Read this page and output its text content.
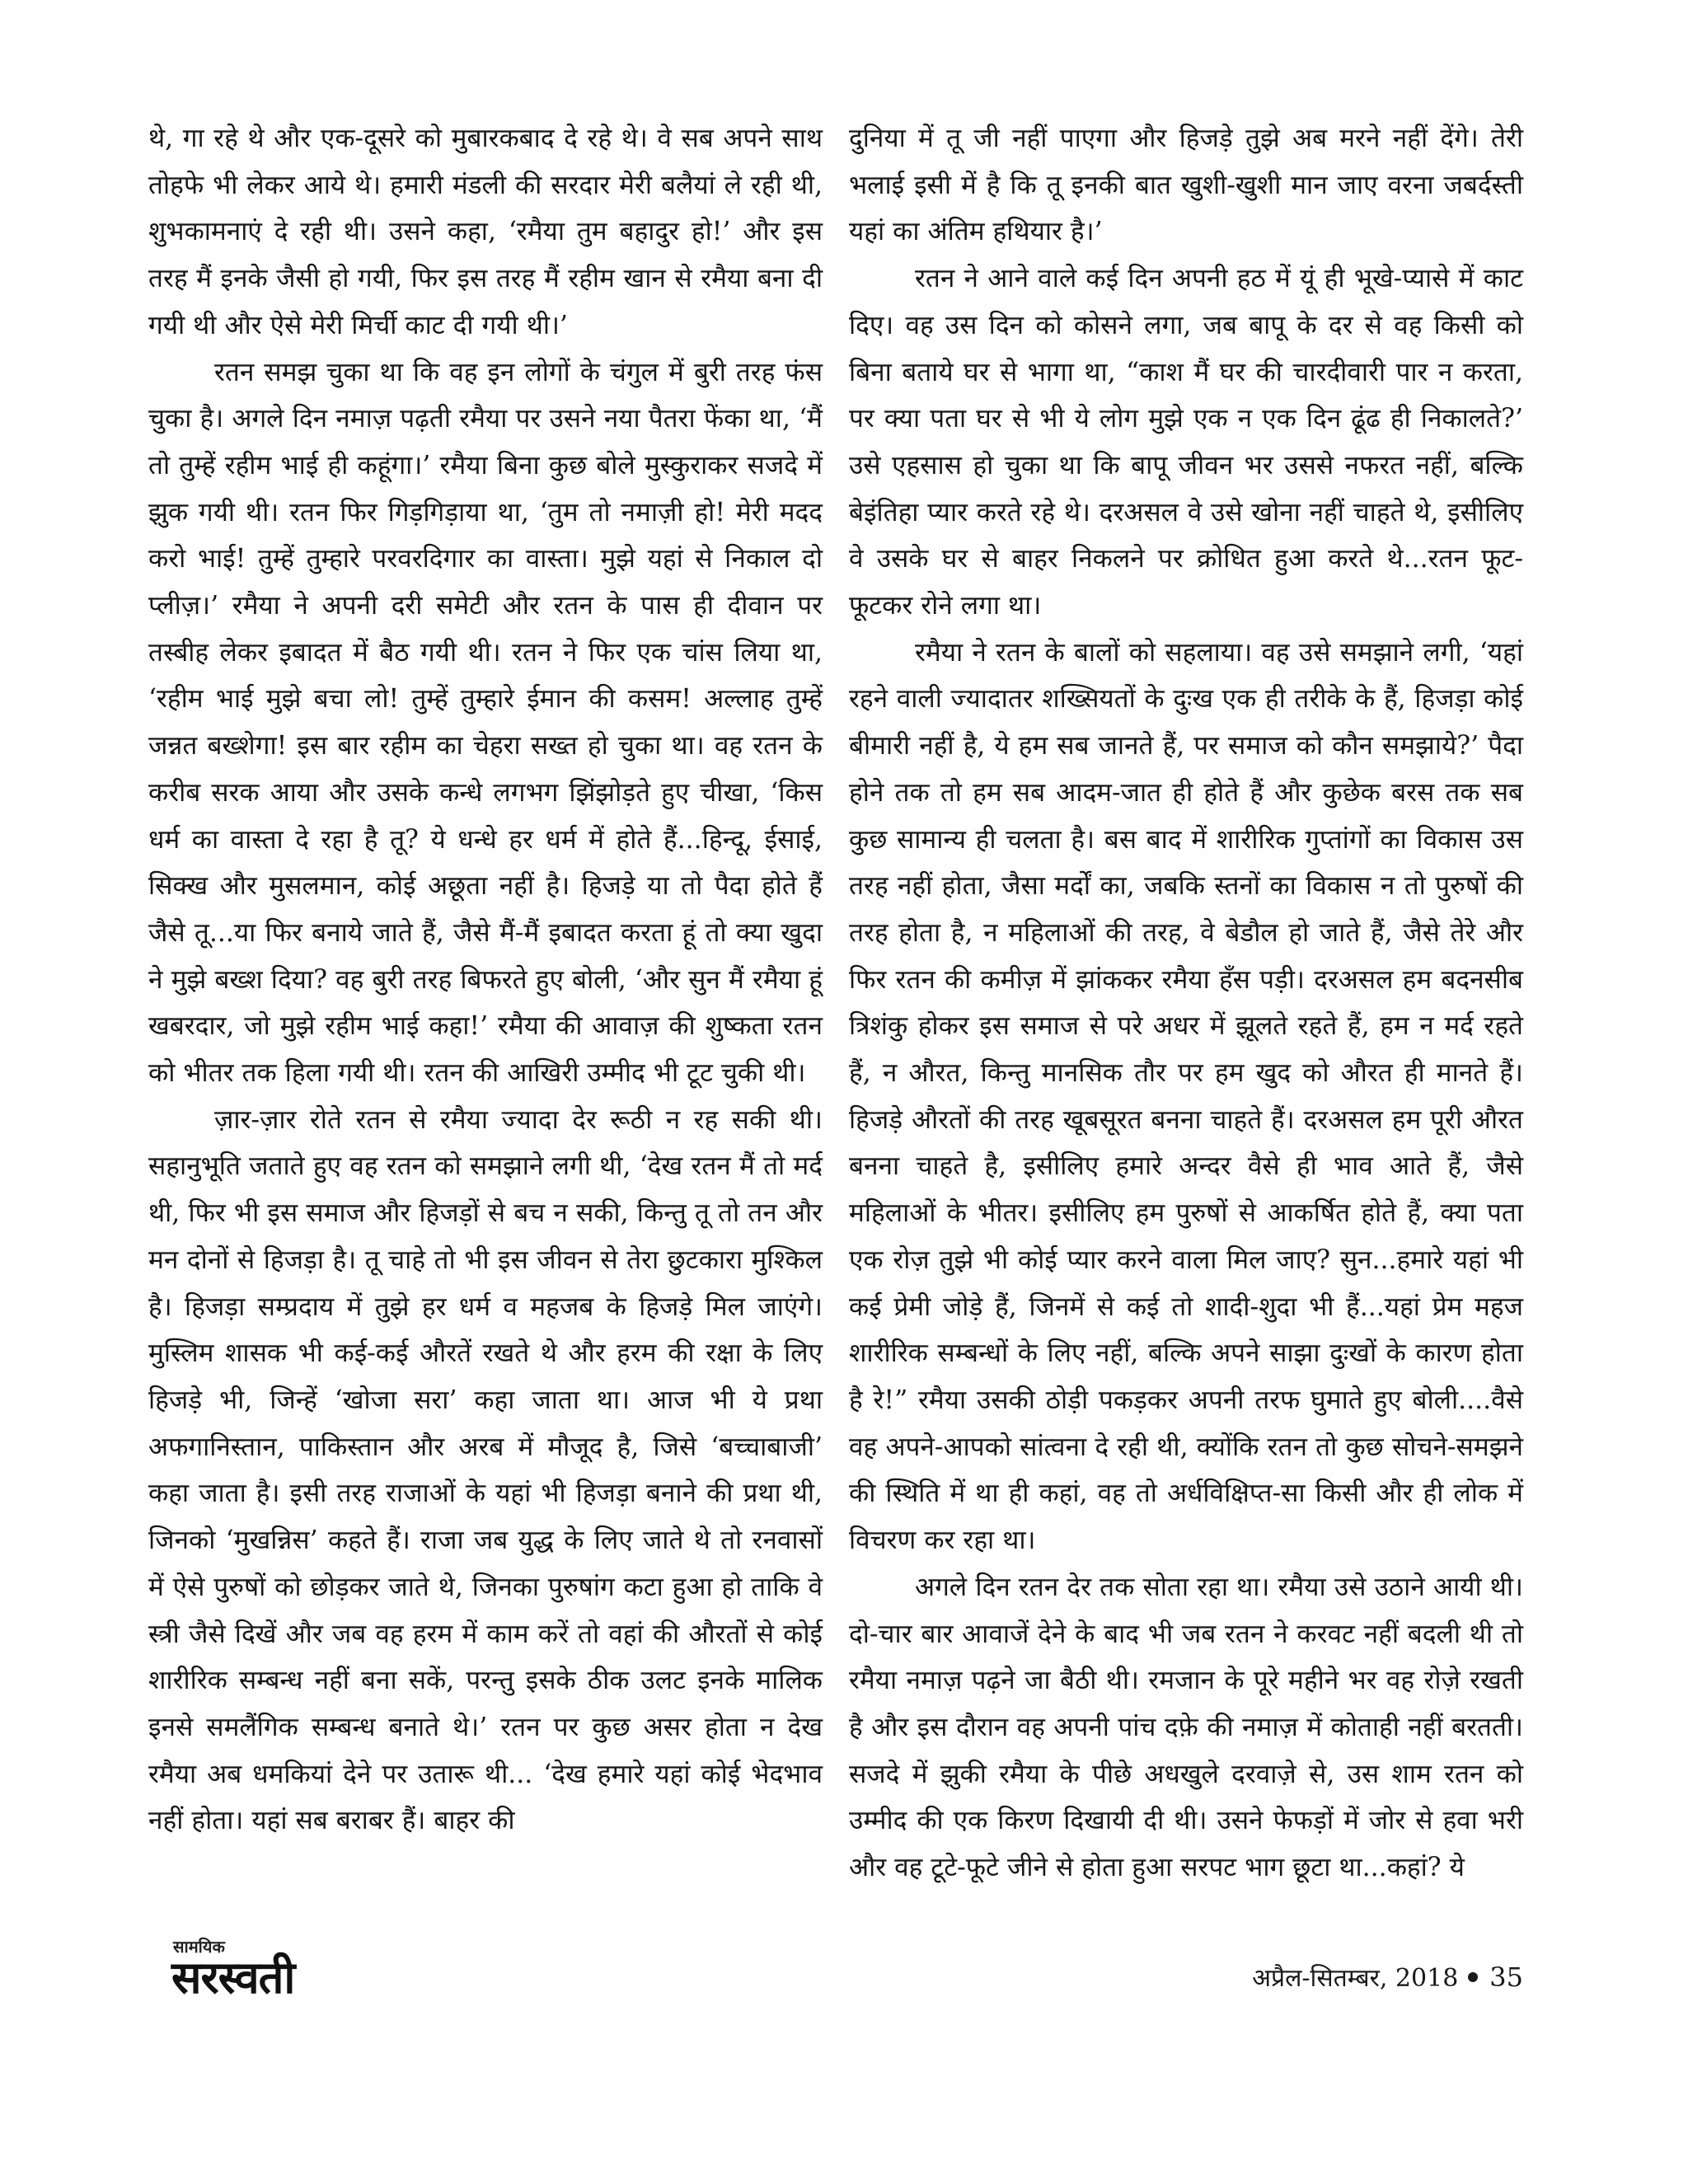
थे, गा रहे थे और एक-दूसरे को मुबारकबाद दे रहे थे। वे सब अपने साथ तोहफे भी लेकर आये थे। हमारी मंडली की सरदार मेरी बलैयां ले रही थी, शुभकामनाएं दे रही थी। उसने कहा, ‘रमैया तुम बहादुर हो!’ और इस तरह मैं इनके जैसी हो गयी, फिर इस तरह मैं रहीम खान से रमैया बना दी गयी थी और ऐसे मेरी मिर्ची काट दी गयी थी।’

रतन समझ चुका था कि वह इन लोगों के चंगुल में बुरी तरह फंस चुका है। अगले दिन नमाज़ पढ़ती रमैया पर उसने नया पैतरा फेंका था, ‘मैं तो तुम्हें रहीम भाई ही कहूंगा।’ रमैया बिना कुछ बोले मुस्कुराकर सजदे में झुक गयी थी। रतन फिर गिड़गिड़ाया था, ‘तुम तो नमाज़ी हो! मेरी मदद करो भाई! तुम्हें तुम्हारे परवरदिगार का वास्ता। मुझे यहां से निकाल दो प्लीज़।’ रमैया ने अपनी दरी समेटी और रतन के पास ही दीवान पर तस्बीह लेकर इबादत में बैठ गयी थी। रतन ने फिर एक चांस लिया था, ‘रहीम भाई मुझे बचा लो! तुम्हें तुम्हारे ईमान की कसम! अल्लाह तुम्हें जन्नत बख्शेगा! इस बार रहीम का चेहरा सख्त हो चुका था। वह रतन के करीब सरक आया और उसके कन्धे लगभग झिंझोड़ते हुए चीखा, ‘किस धर्म का वास्ता दे रहा है तू? ये धन्धे हर धर्म में होते हैं...हिन्दू, ईसाई, सिक्ख और मुसलमान, कोई अछूता नहीं है। हिजड़े या तो पैदा होते हैं जैसे तू...या फिर बनाये जाते हैं, जैसे मैं-मैं इबादत करता हूं तो क्या खुदा ने मुझे बख्श दिया? वह बुरी तरह बिफरते हुए बोली, ‘और सुन मैं रमैया हूं खबरदार, जो मुझे रहीम भाई कहा!’ रमैया की आवाज़ की शुष्कता रतन को भीतर तक हिला गयी थी। रतन की आखिरी उम्मीद भी टूट चुकी थी।

ज़ार-ज़ार रोते रतन से रमैया ज्यादा देर रूठी न रह सकी थी। सहानुभूति जताते हुए वह रतन को समझाने लगी थी, ‘देख रतन मैं तो मर्द थी, फिर भी इस समाज और हिजड़ों से बच न सकी, किन्तु तू तो तन और मन दोनों से हिजड़ा है। तू चाहे तो भी इस जीवन से तेरा छुटकारा मुश्किल है। हिजड़ा सम्प्रदाय में तुझे हर धर्म व महजब के हिजड़े मिल जाएंगे। मुस्लिम शासक भी कई-कई औरतें रखते थे और हरम की रक्षा के लिए हिजड़े भी, जिन्हें ‘खोजा सरा’ कहा जाता था। आज भी ये प्रथा अफगानिस्तान, पाकिस्तान और अरब में मौजूद है, जिसे ‘बच्चाबाजी’ कहा जाता है। इसी तरह राजाओं के यहां भी हिजड़ा बनाने की प्रथा थी, जिनको ‘मुखन्निस’ कहते हैं। राजा जब युद्ध के लिए जाते थे तो रनवासों में ऐसे पुरुषों को छोड़कर जाते थे, जिनका पुरुषांग कटा हुआ हो ताकि वे स्त्री जैसे दिखें और जब वह हरम में काम करें तो वहां की औरतों से कोई शारीरिक सम्बन्ध नहीं बना सकें, परन्तु इसके ठीक उलट इनके मालिक इनसे समलैंगिक सम्बन्ध बनाते थे।’ रतन पर कुछ असर होता न देख रमैया अब धमकियां देने पर उतारू थी... ‘देख हमारे यहां कोई भेदभाव नहीं होता। यहां सब बराबर हैं। बाहर की

दुनिया में तू जी नहीं पाएगा और हिजड़े तुझे अब मरने नहीं देंगे। तेरी भलाई इसी में है कि तू इनकी बात खुशी-खुशी मान जाए वरना जबर्दस्ती यहां का अंतिम हथियार है।’

रतन ने आने वाले कई दिन अपनी हठ में यूं ही भूखे-प्यासे में काट दिए। वह उस दिन को कोसने लगा, जब बापू के दर से वह किसी को बिना बताये घर से भागा था, “काश मैं घर की चारदीवारी पार न करता, पर क्या पता घर से भी ये लोग मुझे एक न एक दिन ढूंढ ही निकालते?’ उसे एहसास हो चुका था कि बापू जीवन भर उससे नफरत नहीं, बल्कि बेइंतिहा प्यार करते रहे थे। दरअसल वे उसे खोना नहीं चाहते थे, इसीलिए वे उसके घर से बाहर निकलने पर क्रोधित हुआ करते थे...रतन फूट-फूटकर रोने लगा था।

रमैया ने रतन के बालों को सहलाया। वह उसे समझाने लगी, ‘यहां रहने वाली ज्यादातर शख्सियतों के दुःख एक ही तरीके के हैं, हिजड़ा कोई बीमारी नहीं है, ये हम सब जानते हैं, पर समाज को कौन समझाये?’ पैदा होने तक तो हम सब आदम-जात ही होते हैं और कुछेक बरस तक सब कुछ सामान्य ही चलता है। बस बाद में शारीरिक गुप्तांगों का विकास उस तरह नहीं होता, जैसा मर्दों का, जबकि स्तनों का विकास न तो पुरुषों की तरह होता है, न महिलाओं की तरह, वे बेडौल हो जाते हैं, जैसे तेरे और फिर रतन की कमीज़ में झांककर रमैया हँस पड़ी। दरअसल हम बदनसीब त्रिशंकु होकर इस समाज से परे अधर में झूलते रहते हैं, हम न मर्द रहते हैं, न औरत, किन्तु मानसिक तौर पर हम खुद को औरत ही मानते हैं। हिजड़े औरतों की तरह खूबसूरत बनना चाहते हैं। दरअसल हम पूरी औरत बनना चाहते है, इसीलिए हमारे अन्दर वैसे ही भाव आते हैं, जैसे महिलाओं के भीतर। इसीलिए हम पुरुषों से आकर्षित होते हैं, क्या पता एक रोज़ तुझे भी कोई प्यार करने वाला मिल जाए? सुन...हमारे यहां भी कई प्रेमी जोड़े हैं, जिनमें से कई तो शादी-शुदा भी हैं...यहां प्रेम महज शारीरिक सम्बन्धों के लिए नहीं, बल्कि अपने साझा दुःखों के कारण होता है रे!” रमैया उसकी ठोड़ी पकड़कर अपनी तरफ घुमाते हुए बोली....वैसे वह अपने-आपको सांत्वना दे रही थी, क्योंकि रतन तो कुछ सोचने-समझने की स्थिति में था ही कहां, वह तो अर्धविक्षिप्त-सा किसी और ही लोक में विचरण कर रहा था।

अगले दिन रतन देर तक सोता रहा था। रमैया उसे उठाने आयी थी। दो-चार बार आवाजें देने के बाद भी जब रतन ने करवट नहीं बदली थी तो रमैया नमाज़ पढ़ने जा बैठी थी। रमजान के पूरे महीने भर वह रोज़े रखती है और इस दौरान वह अपनी पांच दफ़े की नमाज़ में कोताही नहीं बरतती। सजदे में झुकी रमैया के पीछे अधखुले दरवाज़े से, उस शाम रतन को उम्मीद की एक किरण दिखायी दी थी। उसने फेफड़ों में जोर से हवा भरी और वह टूटे-फूटे जीने से होता हुआ सरपट भाग छूटा था...कहां? ये

सामयिक
सरस्वती	अप्रैल-सितम्बर, 2018 35
